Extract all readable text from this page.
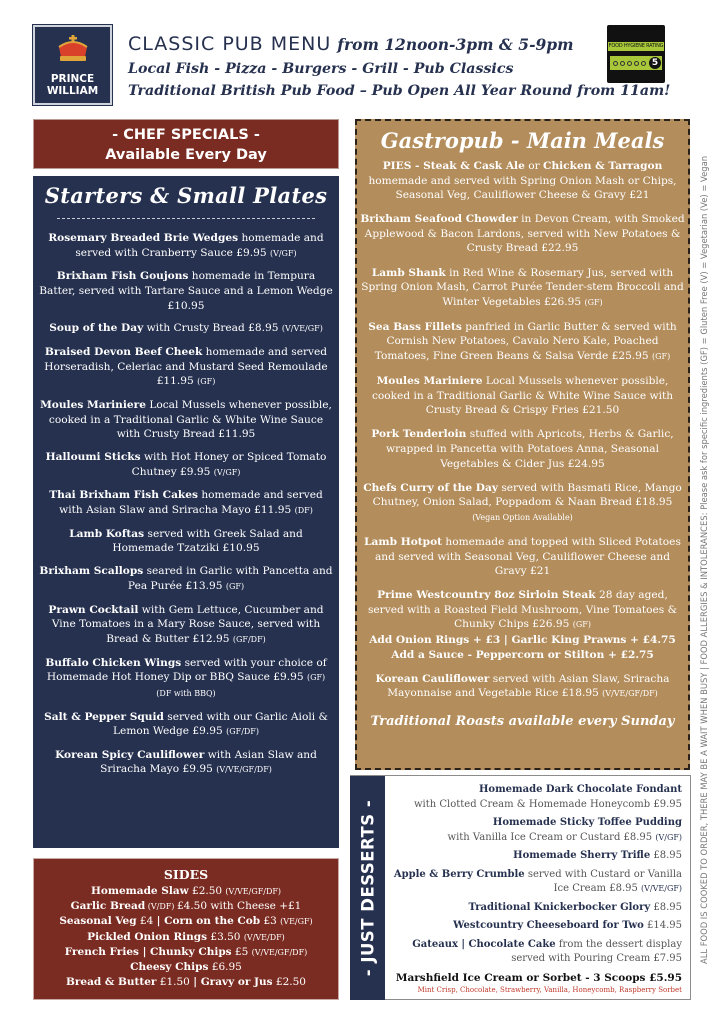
PRINCE
WILLIAM
CLASSIC PUB MENU from 12noon-3pm & 5-9pm
Local Fish - Pizza - Burgers - Grill - Pub Classics
Traditional British Pub Food – Pub Open All Year Round from 11am!
5
FOOD HYGIENE RATING
- CHEF SPECIALS -
Available Every Day
Starters & Small Plates
Rosemary Breaded Brie Wedges homemade and served with Cranberry Sauce £9.95 (V/GF)
Brixham Fish Goujons homemade in Tempura Batter, served with Tartare Sauce and a Lemon Wedge £10.95
Soup of the Day with Crusty Bread £8.95 (V/VE/GF)
Braised Devon Beef Cheek homemade and served Horseradish, Celeriac and Mustard Seed Remoulade £11.95 (GF)
Moules Mariniere Local Mussels whenever possible, cooked in a Traditional Garlic & White Wine Sauce with Crusty Bread £11.95
Halloumi Sticks with Hot Honey or Spiced Tomato Chutney £9.95 (V/GF)
Thai Brixham Fish Cakes homemade and served with Asian Slaw and Sriracha Mayo £11.95 (DF)
Lamb Koftas served with Greek Salad and Homemade Tzatziki £10.95
Brixham Scallops seared in Garlic with Pancetta and Pea Purée £13.95 (GF)
Prawn Cocktail with Gem Lettuce, Cucumber and Vine Tomatoes in a Mary Rose Sauce, served with Bread & Butter £12.95 (GF/DF)
Buffalo Chicken Wings served with your choice of Homemade Hot Honey Dip or BBQ Sauce £9.95 (GF) (DF with BBQ)
Salt & Pepper Squid served with our Garlic Aioli & Lemon Wedge £9.95 (GF/DF)
Korean Spicy Cauliflower with Asian Slaw and Sriracha Mayo £9.95 (V/VE/GF/DF)
SIDES
Homemade Slaw £2.50 (V/VE/GF/DF)
Garlic Bread (V/DF) £4.50 with Cheese +£1
Seasonal Veg £4 | Corn on the Cob £3 (VE/GF)
Pickled Onion Rings £3.50 (V/VE/DF)
French Fries | Chunky Chips £5 (V/VE/GF/DF)
Cheesy Chips £6.95
Bread & Butter £1.50 | Gravy or Jus £2.50
Gastropub - Main Meals
PIES - Steak & Cask Ale or Chicken & Tarragon homemade and served with Spring Onion Mash or Chips, Seasonal Veg, Cauliflower Cheese & Gravy £21
Brixham Seafood Chowder in Devon Cream, with Smoked Applewood & Bacon Lardons, served with New Potatoes & Crusty Bread £22.95
Lamb Shank in Red Wine & Rosemary Jus, served with Spring Onion Mash, Carrot Purée Tender-stem Broccoli and Winter Vegetables £26.95 (GF)
Sea Bass Fillets panfried in Garlic Butter & served with Cornish New Potatoes, Cavalo Nero Kale, Poached Tomatoes, Fine Green Beans & Salsa Verde £25.95 (GF)
Moules Mariniere Local Mussels whenever possible, cooked in a Traditional Garlic & White Wine Sauce with Crusty Bread & Crispy Fries £21.50
Pork Tenderloin stuffed with Apricots, Herbs & Garlic, wrapped in Pancetta with Potatoes Anna, Seasonal Vegetables & Cider Jus £24.95
Chefs Curry of the Day served with Basmati Rice, Mango Chutney, Onion Salad, Poppadom & Naan Bread £18.95 (Vegan Option Available)
Lamb Hotpot homemade and topped with Sliced Potatoes and served with Seasonal Veg, Cauliflower Cheese and Gravy £21
Prime Westcountry 8oz Sirloin Steak 28 day aged, served with a Roasted Field Mushroom, Vine Tomatoes & Chunky Chips £26.95 (GF)
Add Onion Rings + £3 | Garlic King Prawns + £4.75
Add a Sauce - Peppercorn or Stilton + £2.75
Korean Cauliflower served with Asian Slaw, Sriracha Mayonnaise and Vegetable Rice £18.95 (V/VE/GF/DF)
Traditional Roasts available every Sunday
- JUST DESSERTS -
Homemade Dark Chocolate Fondant
with Clotted Cream & Homemade Honeycomb £9.95
Homemade Sticky Toffee Pudding
with Vanilla Ice Cream or Custard £8.95 (V/GF)
Homemade Sherry Trifle £8.95
Apple & Berry Crumble served with Custard or Vanilla Ice Cream £8.95 (V/VE/GF)
Traditional Knickerbocker Glory £8.95
Westcountry Cheeseboard for Two £14.95
Gateaux | Chocolate Cake from the dessert display served with Pouring Cream £7.95
Marshfield Ice Cream or Sorbet - 3 Scoops £5.95
Mint Crisp, Chocolate, Strawberry, Vanilla, Honeycomb, Raspberry Sorbet
ALL FOOD IS COOKED TO ORDER, THERE MAY BE A WAIT WHEN BUSY | FOOD ALLERGIES & INTOLERANCES: Please ask for specific ingredients (GF) = Gluten Free (V) = Vegetarian (Ve) = Vegan
